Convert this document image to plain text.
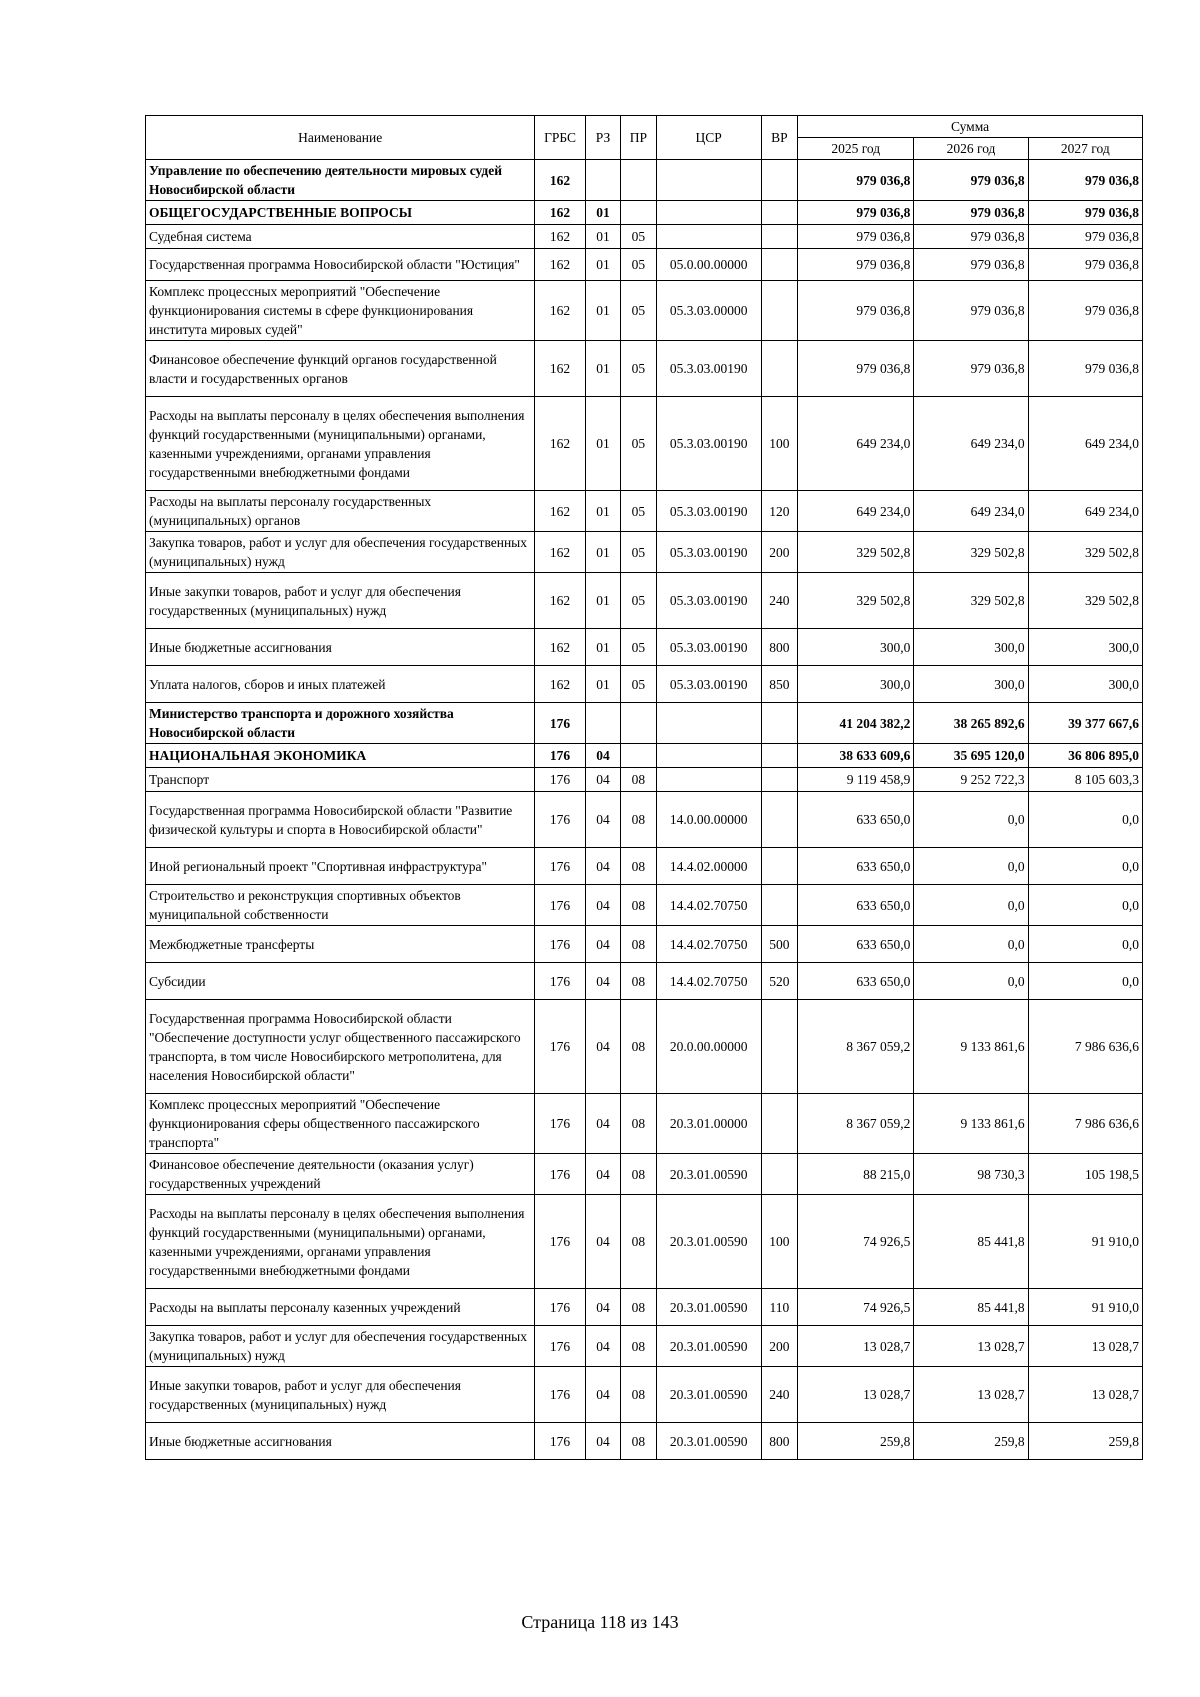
Наименование	ГРБС	РЗ	ПР	ЦСР	ВР	Сумма		
						2025 год	2026 год	2027 год
Управление по обеспечению деятельности мировых судей Новосибирской области	162					979 036,8	979 036,8	979 036,8
ОБЩЕГОСУДАРСТВЕННЫЕ ВОПРОСЫ	162	01				979 036,8	979 036,8	979 036,8
Судебная система	162	01	05			979 036,8	979 036,8	979 036,8
Государственная программа Новосибирской области "Юстиция"	162	01	05	05.0.00.00000		979 036,8	979 036,8	979 036,8
Комплекс процессных мероприятий "Обеспечение функционирования системы в сфере функционирования института мировых судей"	162	01	05	05.3.03.00000		979 036,8	979 036,8	979 036,8
Финансовое обеспечение функций органов государственной власти и государственных органов	162	01	05	05.3.03.00190		979 036,8	979 036,8	979 036,8
Расходы на выплаты персоналу в целях обеспечения выполнения функций государственными (муниципальными) органами, казенными учреждениями, органами управления государственными внебюджетными фондами	162	01	05	05.3.03.00190	100	649 234,0	649 234,0	649 234,0
Расходы на выплаты персоналу государственных (муниципальных) органов	162	01	05	05.3.03.00190	120	649 234,0	649 234,0	649 234,0
Закупка товаров, работ и услуг для обеспечения государственных (муниципальных) нужд	162	01	05	05.3.03.00190	200	329 502,8	329 502,8	329 502,8
Иные закупки товаров, работ и услуг для обеспечения государственных (муниципальных) нужд	162	01	05	05.3.03.00190	240	329 502,8	329 502,8	329 502,8
Иные бюджетные ассигнования	162	01	05	05.3.03.00190	800	300,0	300,0	300,0
Уплата налогов, сборов и иных платежей	162	01	05	05.3.03.00190	850	300,0	300,0	300,0
Министерство транспорта и дорожного хозяйства Новосибирской области	176					41 204 382,2	38 265 892,6	39 377 667,6
НАЦИОНАЛЬНАЯ ЭКОНОМИКА	176	04				38 633 609,6	35 695 120,0	36 806 895,0
Транспорт	176	04	08			9 119 458,9	9 252 722,3	8 105 603,3
Государственная программа Новосибирской области "Развитие физической культуры и спорта в Новосибирской области"	176	04	08	14.0.00.00000		633 650,0	0,0	0,0
Иной региональный проект "Спортивная инфраструктура"	176	04	08	14.4.02.00000		633 650,0	0,0	0,0
Строительство и реконструкция спортивных объектов муниципальной собственности	176	04	08	14.4.02.70750		633 650,0	0,0	0,0
Межбюджетные трансферты	176	04	08	14.4.02.70750	500	633 650,0	0,0	0,0
Субсидии	176	04	08	14.4.02.70750	520	633 650,0	0,0	0,0
Государственная программа Новосибирской области "Обеспечение доступности услуг общественного пассажирского транспорта, в том числе Новосибирского метрополитена, для населения Новосибирской области"	176	04	08	20.0.00.00000		8 367 059,2	9 133 861,6	7 986 636,6
Комплекс процессных мероприятий "Обеспечение функционирования сферы общественного пассажирского транспорта"	176	04	08	20.3.01.00000		8 367 059,2	9 133 861,6	7 986 636,6
Финансовое обеспечение деятельности (оказания услуг) государственных учреждений	176	04	08	20.3.01.00590		88 215,0	98 730,3	105 198,5
Расходы на выплаты персоналу в целях обеспечения выполнения функций государственными (муниципальными) органами, казенными учреждениями, органами управления государственными внебюджетными фондами	176	04	08	20.3.01.00590	100	74 926,5	85 441,8	91 910,0
Расходы на выплаты персоналу казенных учреждений	176	04	08	20.3.01.00590	110	74 926,5	85 441,8	91 910,0
Закупка товаров, работ и услуг для обеспечения государственных (муниципальных) нужд	176	04	08	20.3.01.00590	200	13 028,7	13 028,7	13 028,7
Иные закупки товаров, работ и услуг для обеспечения государственных (муниципальных) нужд	176	04	08	20.3.01.00590	240	13 028,7	13 028,7	13 028,7
Иные бюджетные ассигнования	176	04	08	20.3.01.00590	800	259,8	259,8	259,8
Страница 118 из 143
